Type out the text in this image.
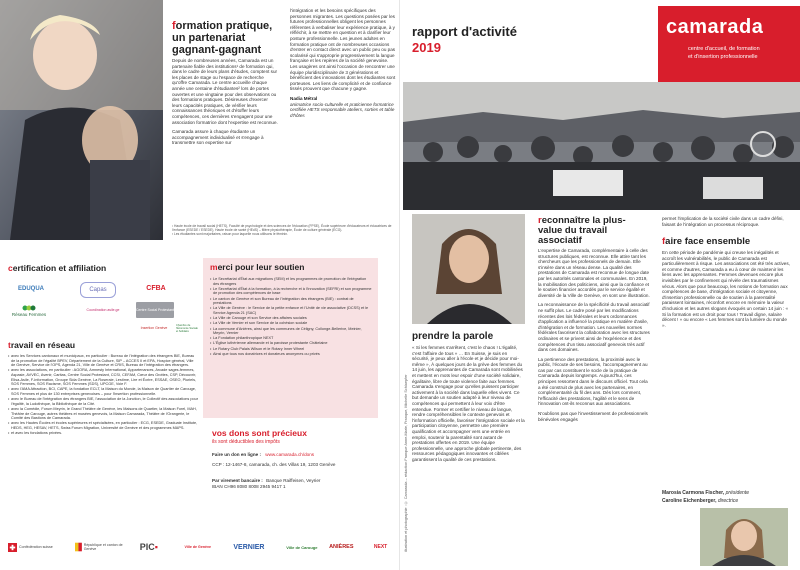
formation pratique, un partenariat gagnant-gagnant

Depuis de nombreuses années, Camarada est un partenaire fiable des institutions¹ de formation qui, dans le cadre de leurs plans d'études, comptent sur les places de stage ou l'espace de recherche qu'offre Camarada. Le centre accueille chaque année une centaine d'étudiantes² lors de portes ouvertes et une vingtaine pour des observations ou des formations pratiques. Désireuses d'exercer leurs capacités pratiques, de vérifier leurs connaissances théoriques et d'étoffer leurs compétences, ces dernières s'engagent pour une association formatrice dont l'expertise est reconnue.

Camarada assure à chaque étudiante un accompagnement individualisé et s'engage à transmettre son expertise sur

l'intégration et les besoins spécifiques des personnes migrantes. Les questions posées par les futures professionnelles obligent les personnes référentes à verbaliser leur expérience pratique, à y réfléchir, à se mettre en question et à clarifier leur posture professionnelle. Les jeunes adultes en formation pratique ont de nombreuses occasions d'entrer en contact direct avec un public peu ou pas scolarisé qui s'approprie progressivement la langue française et les repères de la société genevoise. Les usagères ont ainsi l'occasion de rencontrer une équipe pluridisciplinaire de 3 générations et bénéficient des innovations dont les étudiantes sont porteuses. Les liens de complicité et de confiance tissés prouvent que chacune y gagne.

Nadia Métral

animatrice socio-culturelle et praticienne formatrice certifiée HETS responsable ateliers, sorties et table d'hôtes

¹ Haute école de travail social (HETS), Faculté de psychologie et des sciences de l'éducation (FPSE), École supérieure d'éducateurs et éducatrices de l'enfance (ESEDE / ESEDE), Haute école de santé (HEdS) – filière physiothérapie, École de culture générale (ECG).
² Les étudiantes sont majoritaires, raison pour laquelle nous utilisons le féminin.
certification et affiliation
EDUQUA	Capas	CFBA
Réseau Femmes
Coordination asile.ge	Centre Social Protestant
Insertion Genève
Chambre de l'Économie Sociale et Solidaire
travail en réseau
• avec les Services cantonaux et municipaux, en particulier : Bureau de l'intégration des étrangers BIE, Bureau de la promotion de l'égalité BPEV, Département de la Culture, SIP – ACCES II et EPA, Hospice général, Ville de Genève, Service de l'OPS, Agenda 21, Ville de Genève et CRIS, Bureau de l'intégration des étrangers.
• avec les associations, en particulier : AGORA, Amnesty International, Appartenances, Arcade sages-femmes, Aspasie, AVVEC, Avenir, Caritas, Centre Social Protestant, CCSI, CEFAM, Cœur des Grottes, CSP, Découvrir, Elisa-Asile, F-information, Groupe Sida Genève, La Roseraie, Lestime, Lire et Écrire, ESSAE, OSEO, Pluriels, SOS Femmes, SOS Racisme, SOS Femmes (SDS), UPCGE, Voie F.
• avec l'AMA Attraction, BCI, CAPE, la fondation ECLT, la Maison du Monde, la Maison de Quartier de Carouge, SOS Femmes et plus de 130 entreprises genevoises – pour l'insertion professionnelle.
• avec le Bureau de l'intégration des étrangers BIE, l'association de la Jonction, le Collectif des associations pour l'égalité, la Ludothèque, la Bibliothèque de la Cité.
• avec la Comédie, Forum Meyrin, le Grand Théâtre de Genève, les Maisons de Quartier, la Maison Forel, MAH, Théâtre de Carouge, autres théâtres et musées genevois, la Maison Camarada, Théâtre de l'Orangerie, le Comité des Bastions de Camarada.
• avec les Hautes Écoles et écoles supérieures et spécialisées, en particulier : ECG, ESEDE, Graduate Institute, HEDS, HEG, HESAV, HETS, Swiss Forum Migration, Université de Genève et des programmes MAPS.
• et avec les fondations privées.
merci pour leur soutien
• Le Secrétariat d'État aux migrations (SEM) et les programmes de promotion de l'intégration des étrangers
• Le Secrétariat d'État à la formation, à la recherche et à l'innovation (SEFRI) et son programme de promotion des compétences de base
• Le canton de Genève et son Bureau de l'intégration des étrangers (BIE) : contrat de prestations
• La Ville de Genève : le Service de la petite enfance et l'Unité de vie associative (DCSS) et le Service Agenda 21 (SAC)
• La Ville de Carouge et son Service des affaires sociales
• La Ville de Vernier et son Service de la cohésion sociale
• La commune d'Anières, ainsi que les communes de Céligny, Collonge-Bellerive, Meinier, Meyrin, Vernier
• La Fondation philanthropique NEXT
• L'Église luthérienne allemande et la paroisse protestante Châtelaine
• Le Rotary Club Palais Wilson et le Rotary Inner Wheel
• Ainsi que tous nos donatrices et donateurs anonymes ou privés
vos dons sont précieux
ils sont déductibles des impôts
Faire un don en ligne : www.camarada.ch/dons
CCP : 12-1467-8, camarada, ch. des Villas 19, 1203 Genève
Par virement bancaire : Banque Raiffeisen, Veyrier
IBAN CH96 8080 8008 2945 9417 1
Confédération suisse	République et canton de Genève	PIC▪	Ville de Genève	VERNIER	Ville de Carouge ANIÈRES	NEXT
rapport d'activité
2019
camarada
centre d'accueil, de formation
et d'insertion professionnelle
illustration et photographie : © Camarada – rédaction Franque Anne-Marie, Franque, Michelle Schlaepfer
prendre la parole

« Si les femmes s'arrêtent, c'est le chaos ! L'égalité, c'est l'affaire de tous » … En Suisse, je suis en sécurité, je peux aller à l'école et je décide pour moi-même », À quelques jours de la grève des femmes du 14 juin, les apprenantes de Camarada sont mobilisées et mettent en mots leur espoir d'une société solidaire, égalitaire, libre de toute violence faite aux femmes. Camarada s'engage pour qu'elles puissent participer activement à la société dans laquelle elles vivent. Ce but demande un soutien adapté à leur niveau de compétences qui permettent à leur voix d'être entendue. Former et certifier le niveau de langue, rendre compréhensibles le contexte genevois et l'information officielle, favoriser l'intégration sociale et la participation citoyenne, permettre une première qualification et accompagner vers une entrée en emploi, soutenir la parentalité sont autant de prestations offertes en 2019. Une équipe professionnelle, une approche globale pertinente, des ressources pédagogiques innovantes et ciblées garantissent la qualité de ces prestations.

reconnaître la plus-value du travail associatif

L'expertise de Camarada, complémentaire à celle des structures publiques, est reconnue. Elle attire tant les chercheurs que les professionnels de demain. Elle s'insère dans un réseau dense. La qualité des prestations de Camarada est reconnue de longue date par les autorités cantonales et communales. En 2019, la mobilisation des politiciens, ainsi que la confiance et le soutien financier accordés par le service égalité et diversité de la Ville de Genève, en sont une illustration.

La reconnaissance de la spécificité du travail associatif ne suffit plus. Le cadre posé par les modifications récentes des lois fédérales et leurs ordonnances d'application a influencé la pratique en matière d'asile, d'intégration et de formation. Les nouvelles normes fédérales favorisent la collaboration avec les structures ordinaires et se privent ainsi de l'expérience et des compétences d'un tissu associatif genevois très actif dans ces domaines.

La pertinence des prestations, la proximité avec le public, l'écoute de ses besoins, l'accompagnement au cas par cas constituent le socle de la pratique de Camarada depuis longtemps. Aujourd'hui, ces principes ressortent dans le discours officiel. Tout cela a été construit de plus avec les partenaires, en complémentarité du fil des ans. Dès lors comment, l'efficacité des prestations, l'agilité et le sens de l'innovation ont-ils reconnus aux associations.

N'oublions pas que l'investissement de professionnels bénévoles engagés

permet l'implication de la société civile dans un cadre défini, faisant de l'intégration un processus réciproque.
faire face ensemble

En cette période de pandémie qui creuse les inégalités et accroît les vulnérabilités, le public de Camarada est particulièrement à risque. Les associations ont été très actives, et comme d'autres, Camarada a eu à cœur de maintenir les liens avec les apprenantes. Femmes devenues encore plus invisibles par le confinement qui révèle des traumatismes vécus. Alors que pour beaucoup, les notions de formation aux compétences de base, d'intégration sociale et citoyenne, d'insertion professionnelle ou de soutien à la parentalité paraissent lointaines, réconfort encore en mémoire la valeur d'inclusion et les autres slogans évoqués un certain 14 juin : « Si la formation est un droit pour tous ! Travail digne, salaire décent ! » ou encore « Les femmes sont la lumière du monde ».

Marosia Carmona Fischer, présidente
Caroline Eichenberger, directrice
